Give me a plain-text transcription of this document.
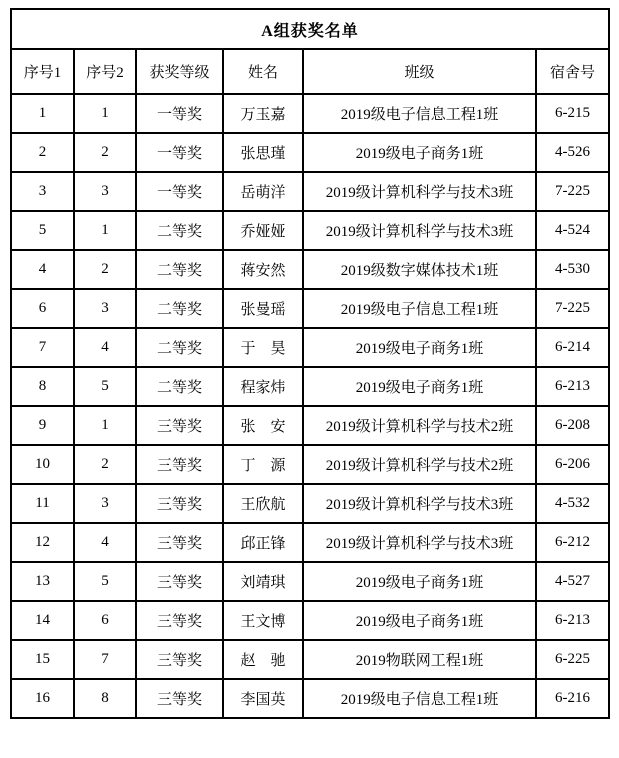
A组获奖名单					
序号1	序号2	获奖等级	姓名	班级	宿舍号
1	1	一等奖	万玉嘉	2019级电子信息工程1班	6-215
2	2	一等奖	张思瑾	2019级电子商务1班	4-526
3	3	一等奖	岳萌洋	2019级计算机科学与技术3班	7-225
5	1	二等奖	乔娅娅	2019级计算机科学与技术3班	4-524
4	2	二等奖	蒋安然	2019级数字媒体技术1班	4-530
6	3	二等奖	张曼瑶	2019级电子信息工程1班	7-225
7	4	二等奖	于　昊	2019级电子商务1班	6-214
8	5	二等奖	程家炜	2019级电子商务1班	6-213
9	1	三等奖	张　安	2019级计算机科学与技术2班	6-208
10	2	三等奖	丁　源	2019级计算机科学与技术2班	6-206
11	3	三等奖	王欣航	2019级计算机科学与技术3班	4-532
12	4	三等奖	邱正锋	2019级计算机科学与技术3班	6-212
13	5	三等奖	刘靖琪	2019级电子商务1班	4-527
14	6	三等奖	王文博	2019级电子商务1班	6-213
15	7	三等奖	赵　驰	2019物联网工程1班	6-225
16	8	三等奖	李国英	2019级电子信息工程1班	6-216
